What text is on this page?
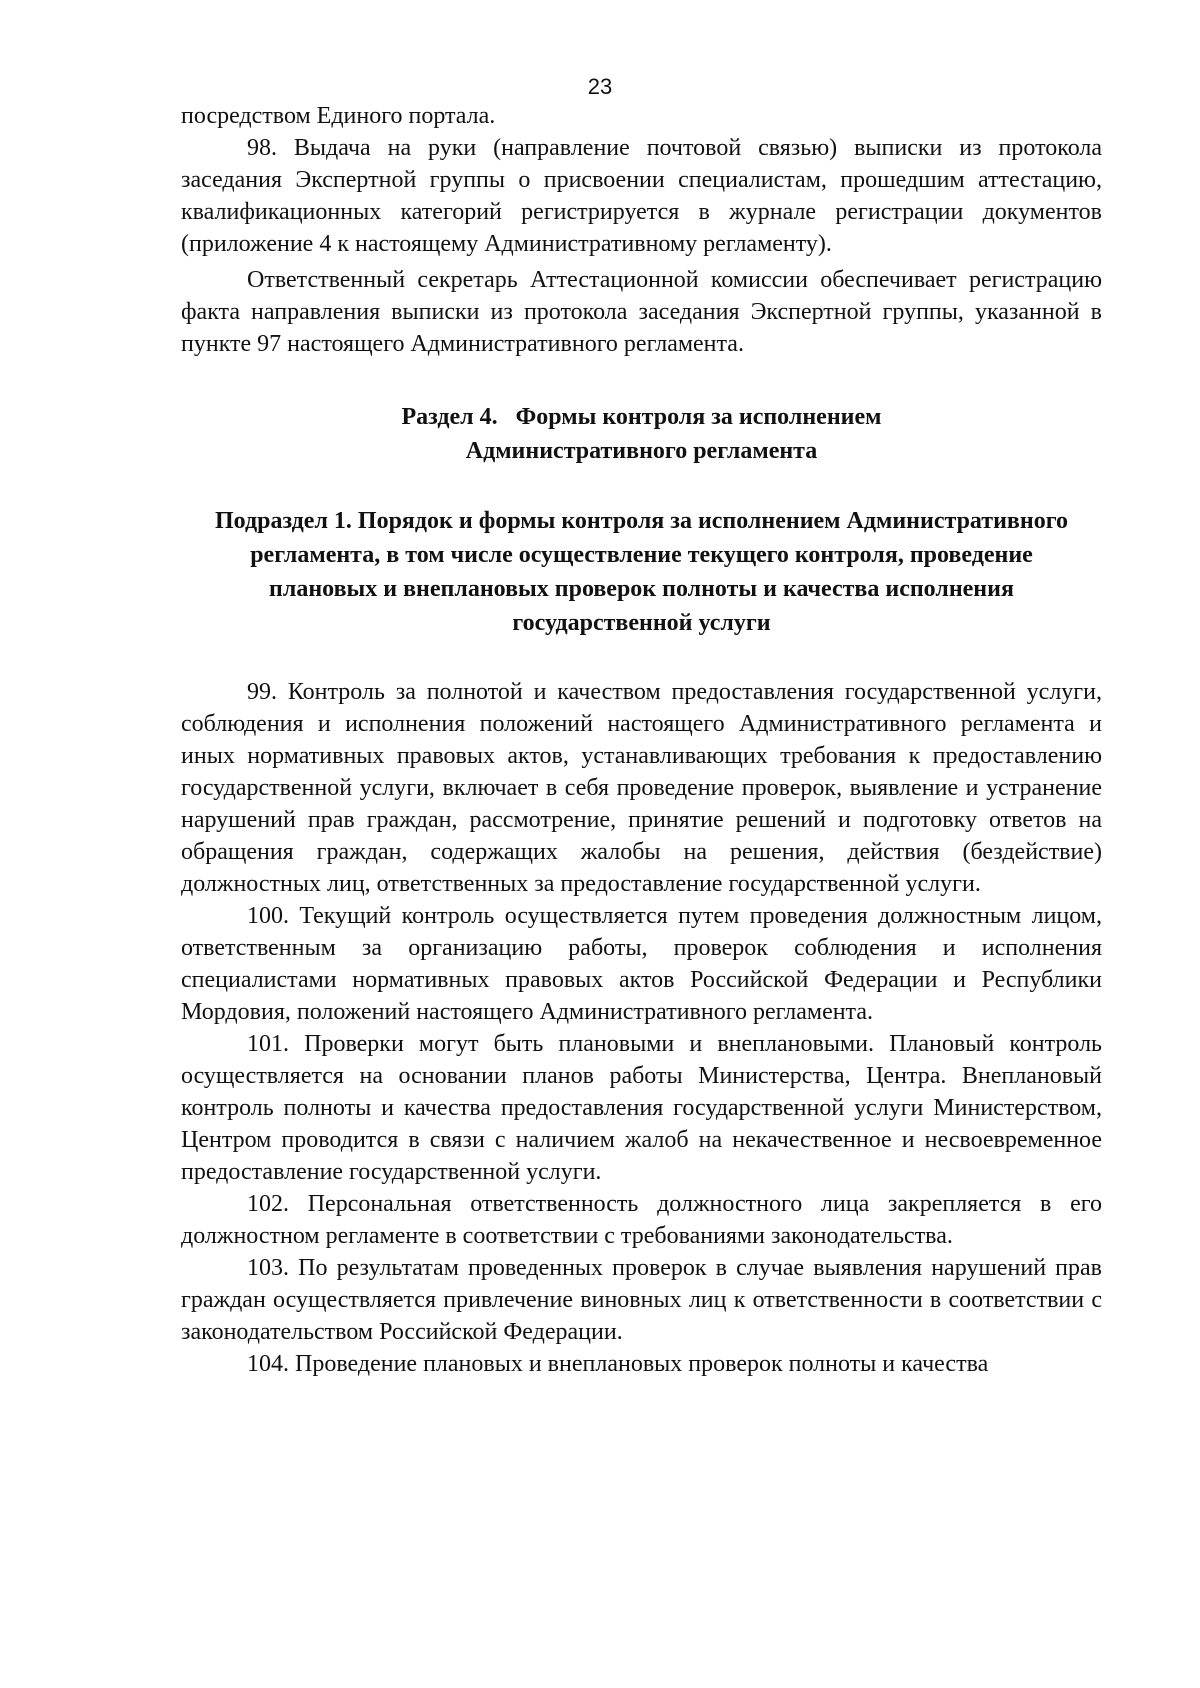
23

посредством Единого портала.

98. Выдача на руки (направление почтовой связью) выписки из протокола заседания Экспертной группы о присвоении специалистам, прошедшим аттестацию, квалификационных категорий регистрируется в журнале регистрации документов (приложение 4 к настоящему Административному регламенту).

Ответственный секретарь Аттестационной комиссии обеспечивает регистрацию факта направления выписки из протокола заседания Экспертной группы, указанной в пункте 97 настоящего Административного регламента.

Раздел 4.   Формы контроля за исполнением
Административного регламента

Подраздел 1. Порядок и формы контроля за исполнением Административного регламента, в том числе осуществление текущего контроля, проведение плановых и внеплановых проверок полноты и качества исполнения государственной услуги

99. Контроль за полнотой и качеством предоставления государственной услуги, соблюдения и исполнения положений настоящего Административного регламента и иных нормативных правовых актов, устанавливающих требования к предоставлению государственной услуги, включает в себя проведение проверок, выявление и устранение нарушений прав граждан, рассмотрение, принятие решений и подготовку ответов на обращения граждан, содержащих жалобы на решения, действия (бездействие) должностных лиц, ответственных за предоставление государственной услуги.

100. Текущий контроль осуществляется путем проведения должностным лицом, ответственным за организацию работы, проверок соблюдения и исполнения специалистами нормативных правовых актов Российской Федерации и Республики Мордовия, положений настоящего Административного регламента.

101. Проверки могут быть плановыми и внеплановыми. Плановый контроль осуществляется на основании планов работы Министерства, Центра. Внеплановый контроль полноты и качества предоставления государственной услуги Министерством, Центром проводится в связи с наличием жалоб на некачественное и несвоевременное предоставление государственной услуги.

102. Персональная ответственность должностного лица закрепляется в его должностном регламенте в соответствии с требованиями законодательства.

103. По результатам проведенных проверок в случае выявления нарушений прав граждан осуществляется привлечение виновных лиц к ответственности в соответствии с законодательством Российской Федерации.

104. Проведение плановых и внеплановых проверок полноты и качества
